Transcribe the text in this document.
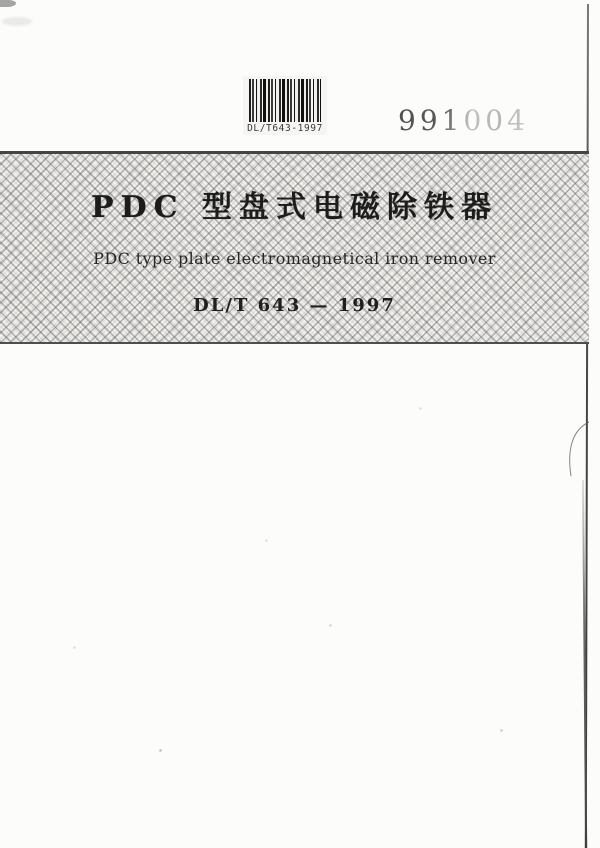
DL/T643-1997	991004
PDC 型盘式电磁除铁器
PDC type plate electromagnetical iron remover
DL/T 643 — 1997
